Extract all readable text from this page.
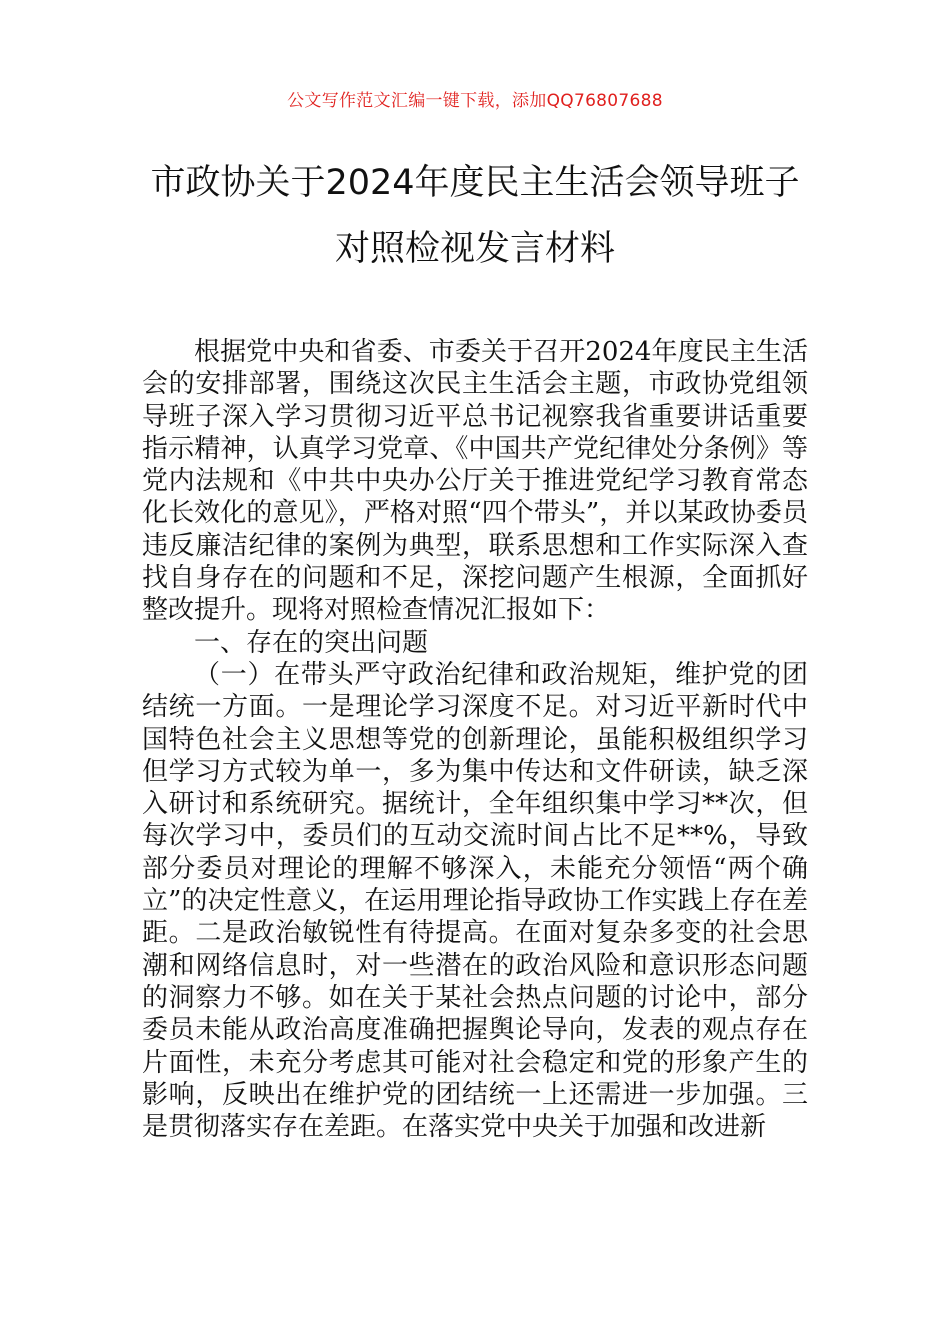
公文写作范文汇编一键下载，添加QQ76807688
市政协关于2024年度民主生活会领导班子
对照检视发言材料

根据党中央和省委、市委关于召开2024年度民主生活会的安排部署，围绕这次民主生活会主题，市政协党组领导班子深入学习贯彻习近平总书记视察我省重要讲话重要指示精神，认真学习党章、《中国共产党纪律处分条例》等党内法规和《中共中央办公厅关于推进党纪学习教育常态化长效化的意见》，严格对照“四个带头”，并以某政协委员违反廉洁纪律的案例为典型，联系思想和工作实际深入查找自身存在的问题和不足，深挖问题产生根源，全面抓好整改提升。现将对照检查情况汇报如下：

一、存在的突出问题

（一）在带头严守政治纪律和政治规矩，维护党的团结统一方面。一是理论学习深度不足。对习近平新时代中国特色社会主义思想等党的创新理论，虽能积极组织学习但学习方式较为单一，多为集中传达和文件研读，缺乏深入研讨和系统研究。据统计，全年组织集中学习**次，但每次学习中，委员们的互动交流时间占比不足**%，导致部分委员对理论的理解不够深入，未能充分领悟“两个确立”的决定性意义，在运用理论指导政协工作实践上存在差距。二是政治敏锐性有待提高。在面对复杂多变的社会思潮和网络信息时，对一些潜在的政治风险和意识形态问题的洞察力不够。如在关于某社会热点问题的讨论中，部分委员未能从政治高度准确把握舆论导向，发表的观点存在片面性，未充分考虑其可能对社会稳定和党的形象产生的影响，反映出在维护党的团结统一上还需进一步加强。三是贯彻落实存在差距。在落实党中央关于加强和改进新
